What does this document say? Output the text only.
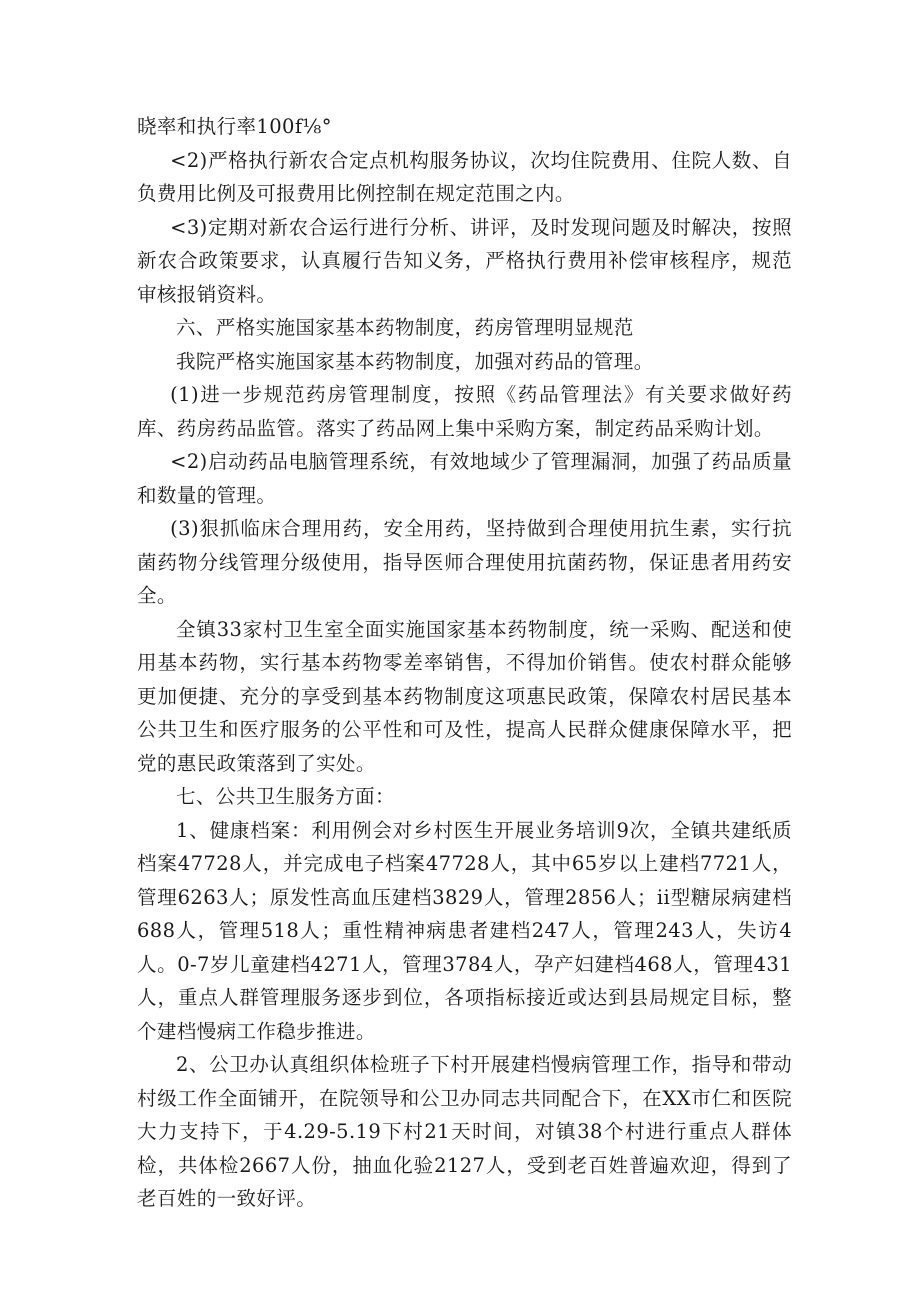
晓率和执行率100f⅛°

<2)严格执行新农合定点机构服务协议，次均住院费用、住院人数、自负费用比例及可报费用比例控制在规定范围之内。

<3)定期对新农合运行进行分析、讲评，及时发现问题及时解决，按照新农合政策要求，认真履行告知义务，严格执行费用补偿审核程序，规范审核报销资料。

六、严格实施国家基本药物制度，药房管理明显规范

我院严格实施国家基本药物制度，加强对药品的管理。

(1)进一步规范药房管理制度，按照《药品管理法》有关要求做好药库、药房药品监管。落实了药品网上集中采购方案，制定药品采购计划。

<2)启动药品电脑管理系统，有效地域少了管理漏洞，加强了药品质量和数量的管理。

(3)狠抓临床合理用药，安全用药，坚持做到合理使用抗生素，实行抗菌药物分线管理分级使用，指导医师合理使用抗菌药物，保证患者用药安全。

全镇33家村卫生室全面实施国家基本药物制度，统一采购、配送和使用基本药物，实行基本药物零差率销售，不得加价销售。使农村群众能够更加便捷、充分的享受到基本药物制度这项惠民政策，保障农村居民基本公共卫生和医疗服务的公平性和可及性，提高人民群众健康保障水平，把党的惠民政策落到了实处。

七、公共卫生服务方面：

1、健康档案：利用例会对乡村医生开展业务培训9次，全镇共建纸质档案47728人，并完成电子档案47728人，其中65岁以上建档7721人，管理6263人；原发性高血压建档3829人，管理2856人；ii型糖尿病建档688人，管理518人；重性精神病患者建档247人，管理243人，失访4人。0-7岁儿童建档4271人，管理3784人，孕产妇建档468人，管理431人，重点人群管理服务逐步到位，各项指标接近或达到县局规定目标，整个建档慢病工作稳步推进。

2、公卫办认真组织体检班子下村开展建档慢病管理工作，指导和带动村级工作全面铺开，在院领导和公卫办同志共同配合下，在XX市仁和医院大力支持下，于4.29-5.19下村21天时间，对镇38个村进行重点人群体检，共体检2667人份，抽血化验2127人，受到老百姓普遍欢迎，得到了老百姓的一致好评。
